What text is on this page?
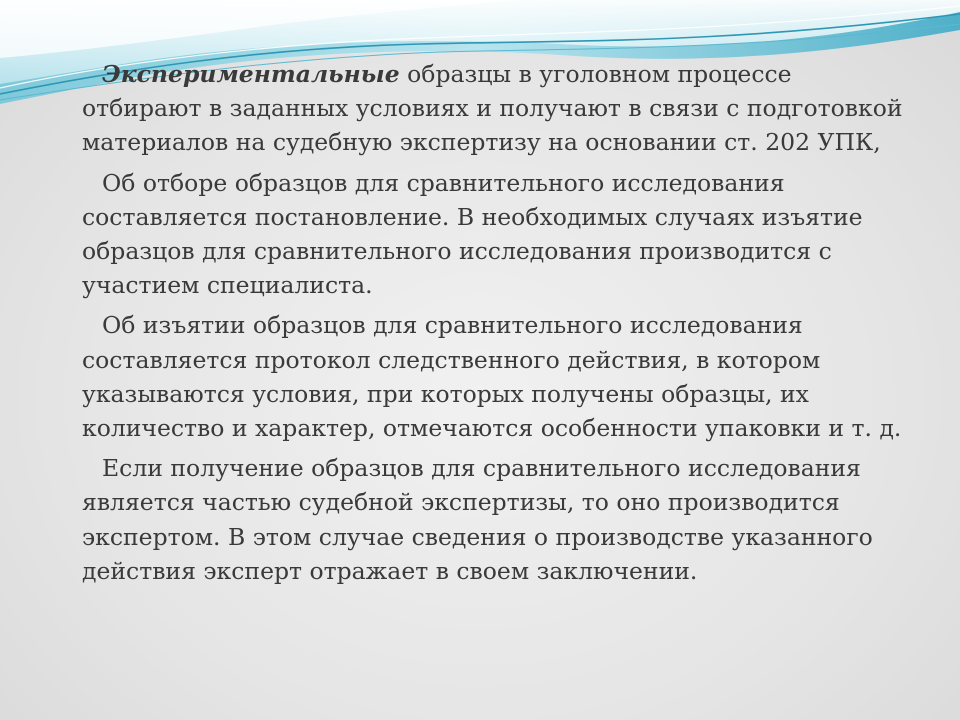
Экспериментальные образцы в уголовном процессе отбирают в заданных условиях и получают в связи с подготовкой материалов на судебную экспертизу на основании ст. 202 УПК,

Об отборе образцов для сравнительного исследования составляется постановление. В необходимых случаях изъятие образцов для сравнительного исследования производится с участием специалиста.

Об изъятии образцов для сравнительного исследования составляется протокол следственного действия, в котором указываются условия, при которых получены образцы, их количество и характер, отмечаются особенности упаковки и т. д.

Если получение образцов для сравнительного исследования является частью судебной экспертизы, то оно производится экспертом. В этом случае сведения о производстве указанного действия эксперт отражает в своем заключении.
